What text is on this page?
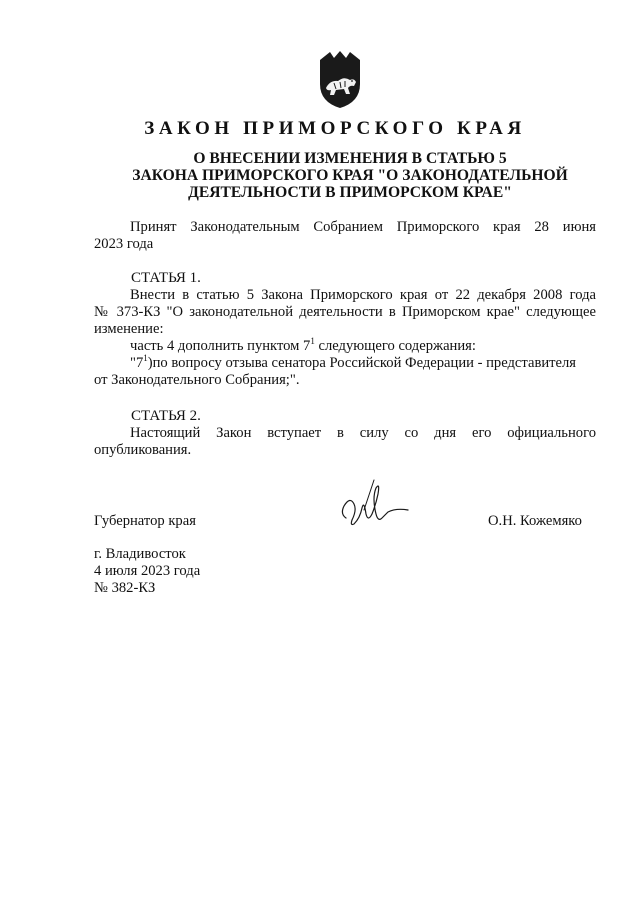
ЗАКОН ПРИМОРСКОГО КРАЯ
О ВНЕСЕНИИ ИЗМЕНЕНИЯ В СТАТЬЮ 5
ЗАКОНА ПРИМОРСКОГО КРАЯ "О ЗАКОНОДАТЕЛЬНОЙ
ДЕЯТЕЛЬНОСТИ В ПРИМОРСКОМ КРАЕ"
Принят Законодательным Собранием Приморского края 28 июня
2023 года
СТАТЬЯ 1.
Внести в статью 5 Закона Приморского края от 22 декабря 2008 года
№ 373-КЗ "О законодательной деятельности в Приморском крае" следующее
изменение:
часть 4 дополнить пунктом $7^1$ следующего содержания:
"$7^1)по$ вопросу отзыва сенатора Российской Федерации - представителя
от Законодательного Собрания;".
СТАТЬЯ 2.
Настоящий Закон вступает в силу со дня его официального
опубликования.
Губернатор края	О.Н. Кожемяко
г. Владивосток
4 июля 2023 года
№ 382-КЗ
